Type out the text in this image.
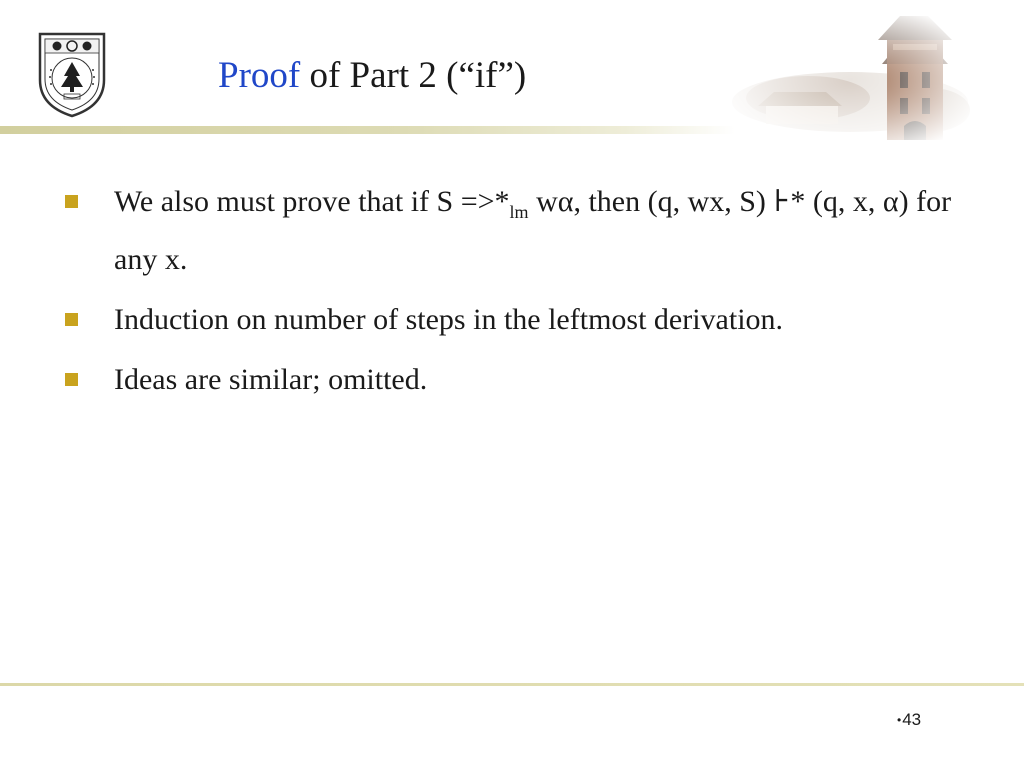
Proof of Part 2 (“if”)
We also must prove that if $S =>*_{lm}$ wα, then (q, wx, S) ⊦* (q, x, α) for any x.
Induction on number of steps in the leftmost derivation.
Ideas are similar; omitted.
•43
